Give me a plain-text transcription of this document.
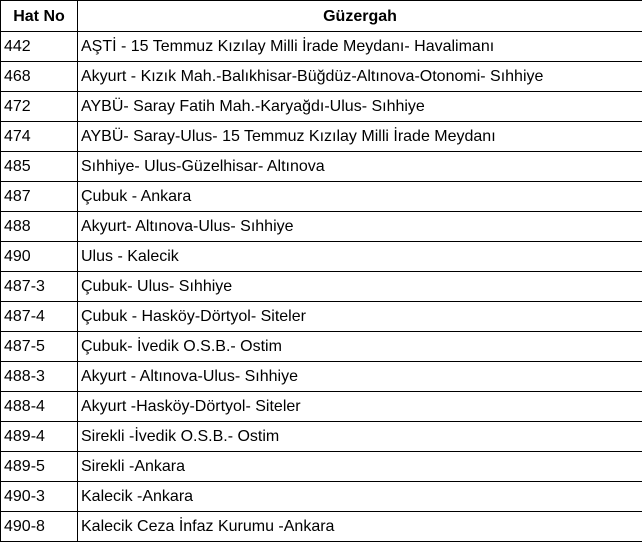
Hat No	Güzergah
442	AŞTİ - 15 Temmuz Kızılay Milli İrade Meydanı- Havalimanı
468	Akyurt - Kızık Mah.-Balıkhisar-Büğdüz-Altınova-Otonomi- Sıhhiye
472	AYBÜ- Saray Fatih Mah.-Karyağdı-Ulus- Sıhhiye
474	AYBÜ- Saray-Ulus- 15 Temmuz Kızılay Milli İrade Meydanı
485	Sıhhiye- Ulus-Güzelhisar- Altınova
487	Çubuk - Ankara
488	Akyurt- Altınova-Ulus- Sıhhiye
490	Ulus - Kalecik
487-3	Çubuk- Ulus- Sıhhiye
487-4	Çubuk - Hasköy-Dörtyol- Siteler
487-5	Çubuk- İvedik O.S.B.- Ostim
488-3	Akyurt - Altınova-Ulus- Sıhhiye
488-4	Akyurt -Hasköy-Dörtyol- Siteler
489-4	Sirekli -İvedik O.S.B.- Ostim
489-5	Sirekli -Ankara
490-3	Kalecik -Ankara
490-8	Kalecik Ceza İnfaz Kurumu -Ankara
